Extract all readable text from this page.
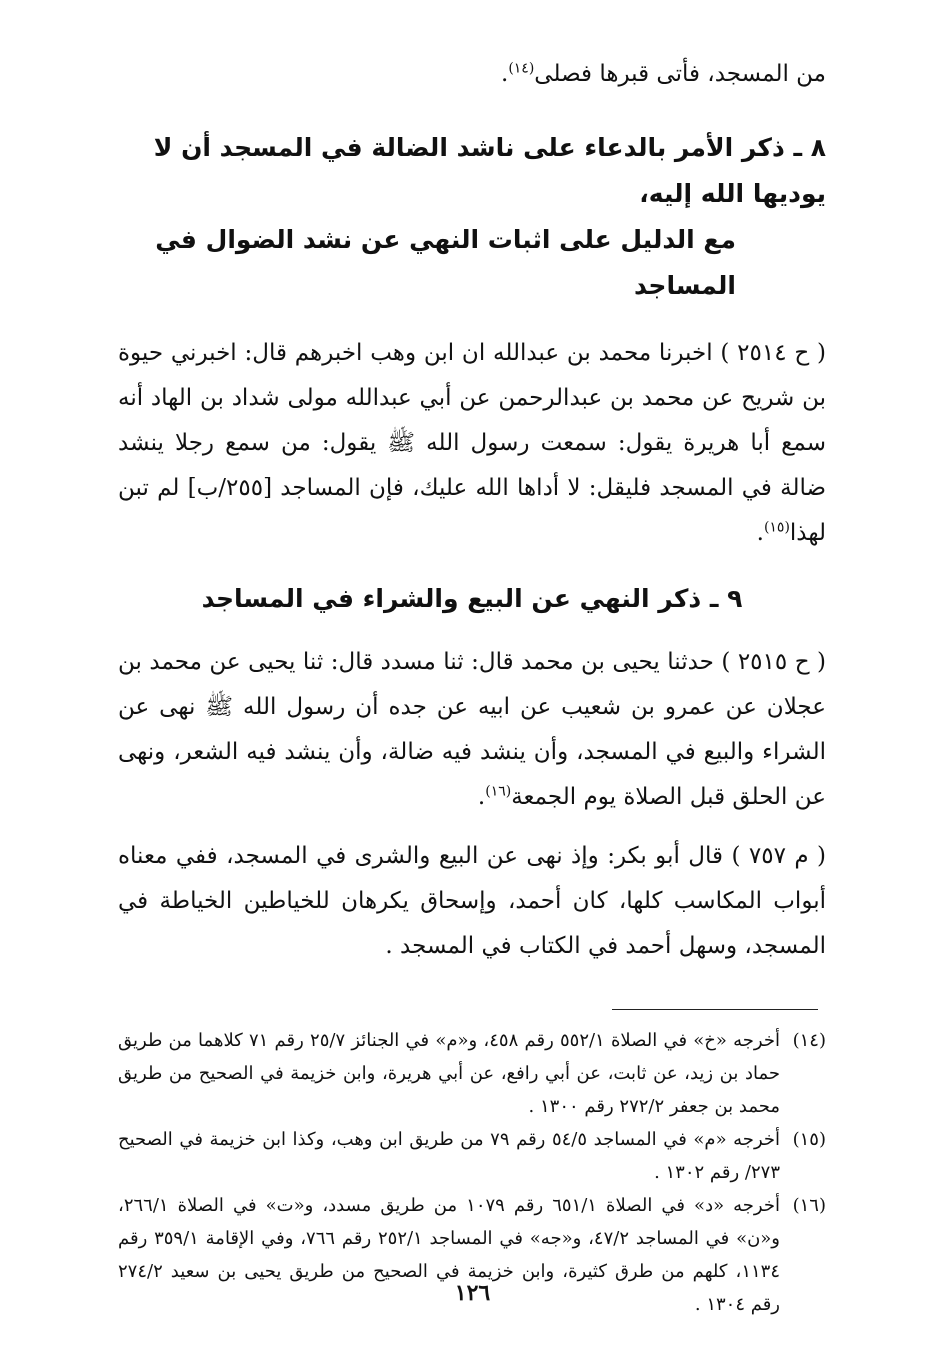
من المسجد، فأتى قبرها فصلى$^{(١٤)}$.

٨ ـ ذكر الأمر بالدعاء على ناشد الضالة في المسجد أن لا يوديها الله إليه،
مع الدليل على اثبات النهي عن نشد الضوال في المساجد

( ح ٢٥١٤ ) اخبرنا محمد بن عبدالله ان ابن وهب اخبرهم قال: اخبرني حيوة بن شريح عن محمد بن عبدالرحمن عن أبي عبدالله مولى شداد بن الهاد أنه سمع أبا هريرة يقول: سمعت رسول الله ﷺ يقول: من سمع رجلا ينشد ضالة في المسجد فليقل: لا أداها الله عليك، فإن المساجد [٢٥٥/ب] لم تبن لهذا$^{(١٥)}$.

٩ ـ ذكر النهي عن البيع والشراء في المساجد

( ح ٢٥١٥ ) حدثنا يحيى بن محمد قال: ثنا مسدد قال: ثنا يحيى عن محمد بن عجلان عن عمرو بن شعيب عن ابيه عن جده أن رسول الله ﷺ نهى عن الشراء والبيع في المسجد، وأن ينشد فيه ضالة، وأن ينشد فيه الشعر، ونهى عن الحلق قبل الصلاة يوم الجمعة$^{(١٦)}$.

( م ٧٥٧ ) قال أبو بكر: وإذ نهى عن البيع والشرى في المسجد، ففي معناه أبواب المكاسب كلها، كان أحمد، وإسحاق يكرهان للخياطين الخياطة في المسجد، وسهل أحمد في الكتاب في المسجد .

(١٤)
أخرجه «خ» في الصلاة ٥٥٢/١ رقم ٤٥٨، و«م» في الجنائز ٢٥/٧ رقم ٧١ كلاهما من طريق حماد بن زيد، عن ثابت، عن أبي رافع، عن أبي هريرة، وابن خزيمة في الصحيح من طريق محمد بن جعفر ٢٧٢/٢ رقم ١٣٠٠ .
(١٥)
أخرجه «م» في المساجد ٥٤/٥ رقم ٧٩ من طريق ابن وهب، وكذا ابن خزيمة في الصحيح ٢٧٣/ رقم ١٣٠٢ .
(١٦)
أخرجه «د» في الصلاة ٦٥١/١ رقم ١٠٧٩ من طريق مسدد، و«ت» في الصلاة ٢٦٦/١، و«ن» في المساجد ٤٧/٢، و«جه» في المساجد ٢٥٢/١ رقم ٧٦٦، وفي الإقامة ٣٥٩/١ رقم ١١٣٤، كلهم من طرق كثيرة، وابن خزيمة في الصحيح من طريق يحيى بن سعيد ٢٧٤/٢ رقم ١٣٠٤ .
١٢٦
